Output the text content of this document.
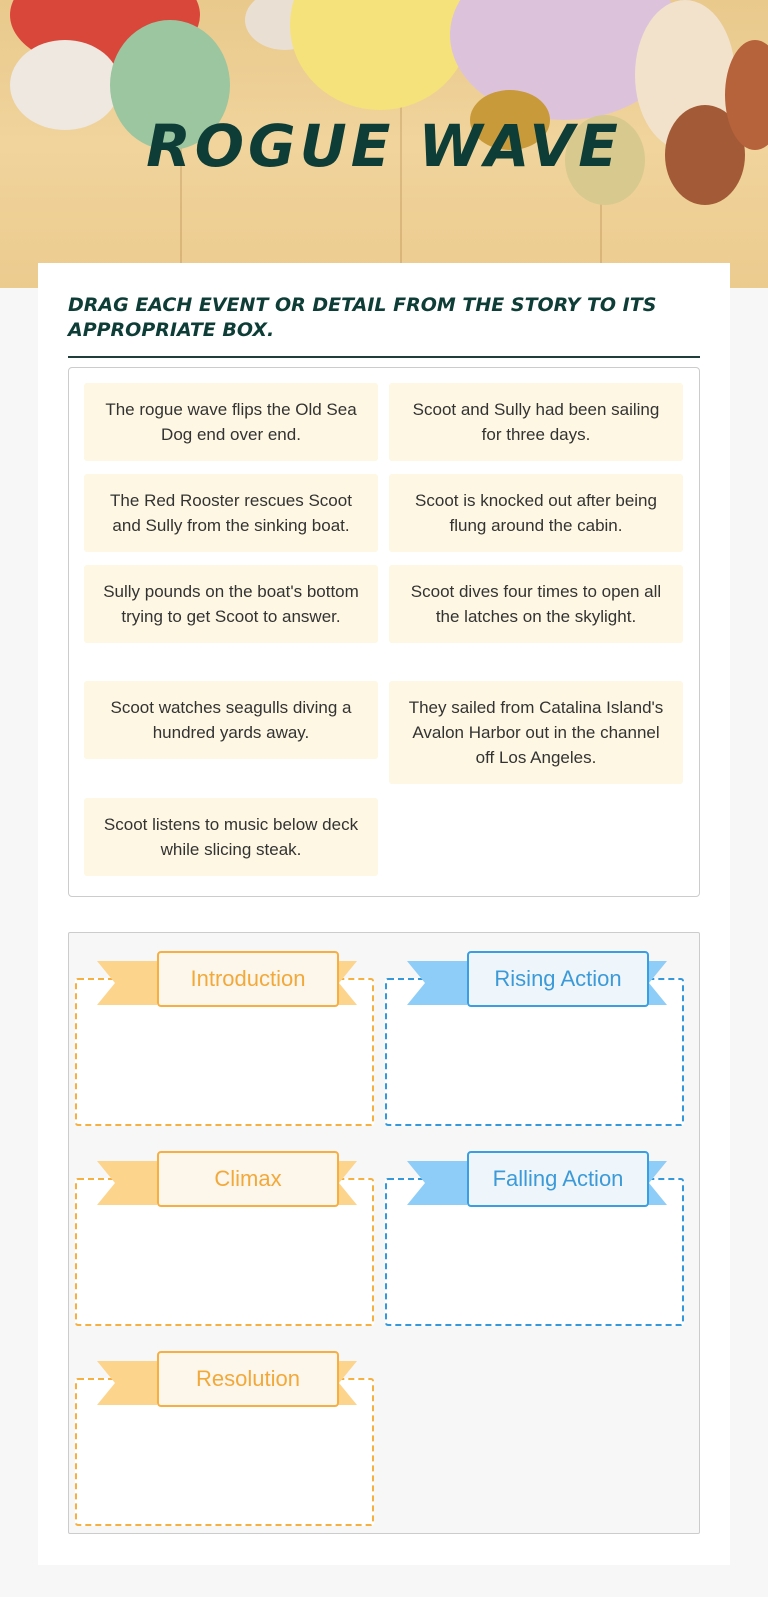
ROGUE WAVE
DRAG EACH EVENT OR DETAIL FROM THE STORY TO ITS APPROPRIATE BOX.
The rogue wave flips the Old Sea Dog end over end.
Scoot and Sully had been sailing for three days.
The Red Rooster rescues Scoot and Sully from the sinking boat.
Scoot is knocked out after being flung around the cabin.
Sully pounds on the boat's bottom trying to get Scoot to answer.
Scoot dives four times to open all the latches on the skylight.
Scoot watches seagulls diving a hundred yards away.
They sailed from Catalina Island's Avalon Harbor out in the channel off Los Angeles.
Scoot listens to music below deck while slicing steak.
Introduction	Rising Action
Climax	Falling Action
Resolution
